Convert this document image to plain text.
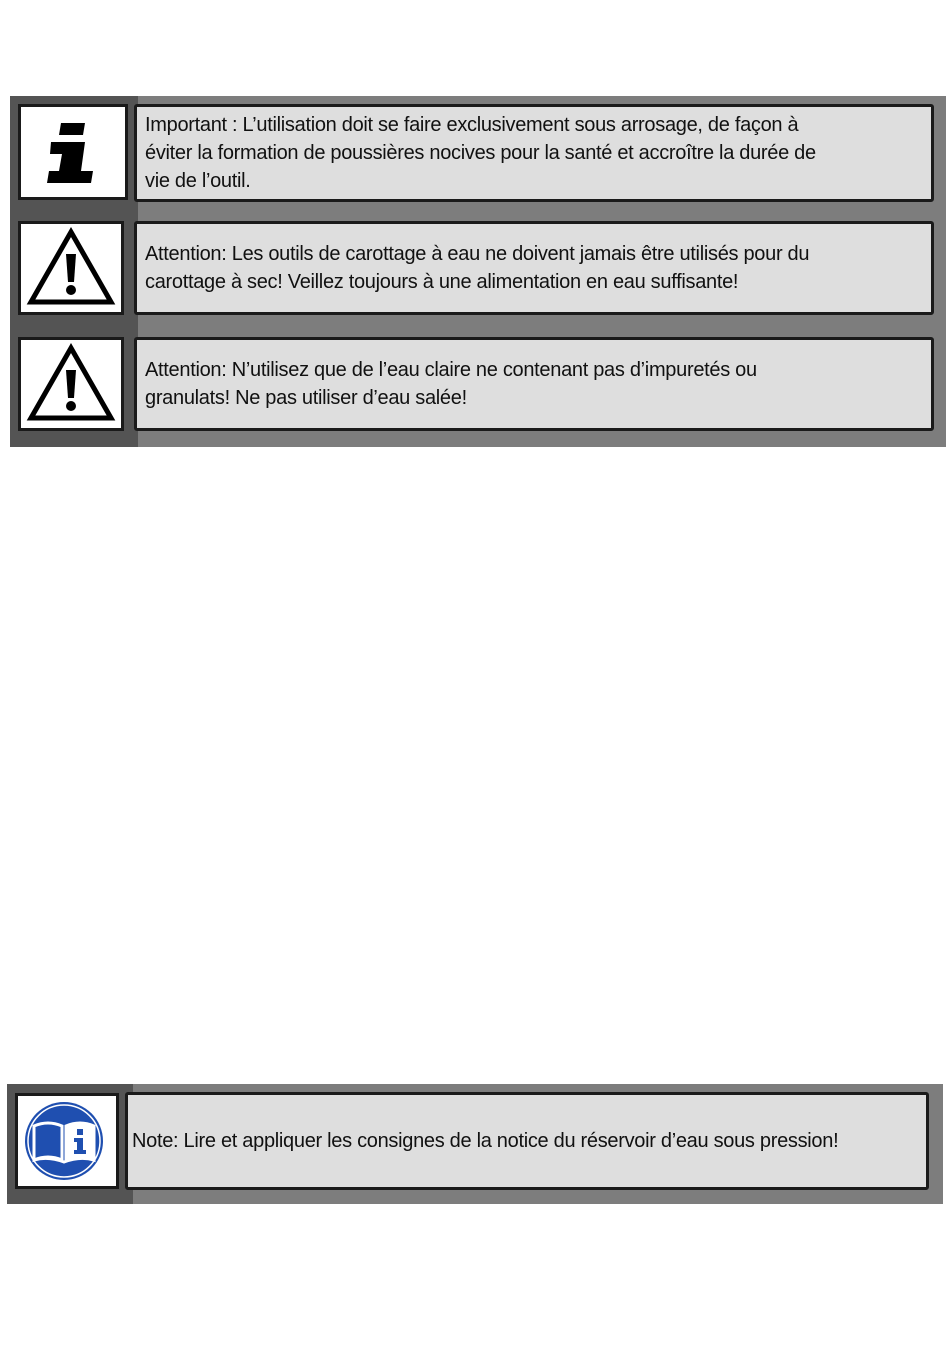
Important : L’utilisation doit se faire exclusivement sous arrosage, de façon à
éviter la formation de poussières nocives pour la santé et accroître la durée de
vie de l’outil.
Attention: Les outils de carottage à eau ne doivent jamais être utilisés pour du
carottage à sec! Veillez toujours à une alimentation en eau suffisante!
Attention: N’utilisez que de l’eau claire ne contenant pas d’impuretés ou
granulats! Ne pas utiliser d’eau salée!
Note: Lire et appliquer les consignes de la notice du réservoir d’eau sous pression!
